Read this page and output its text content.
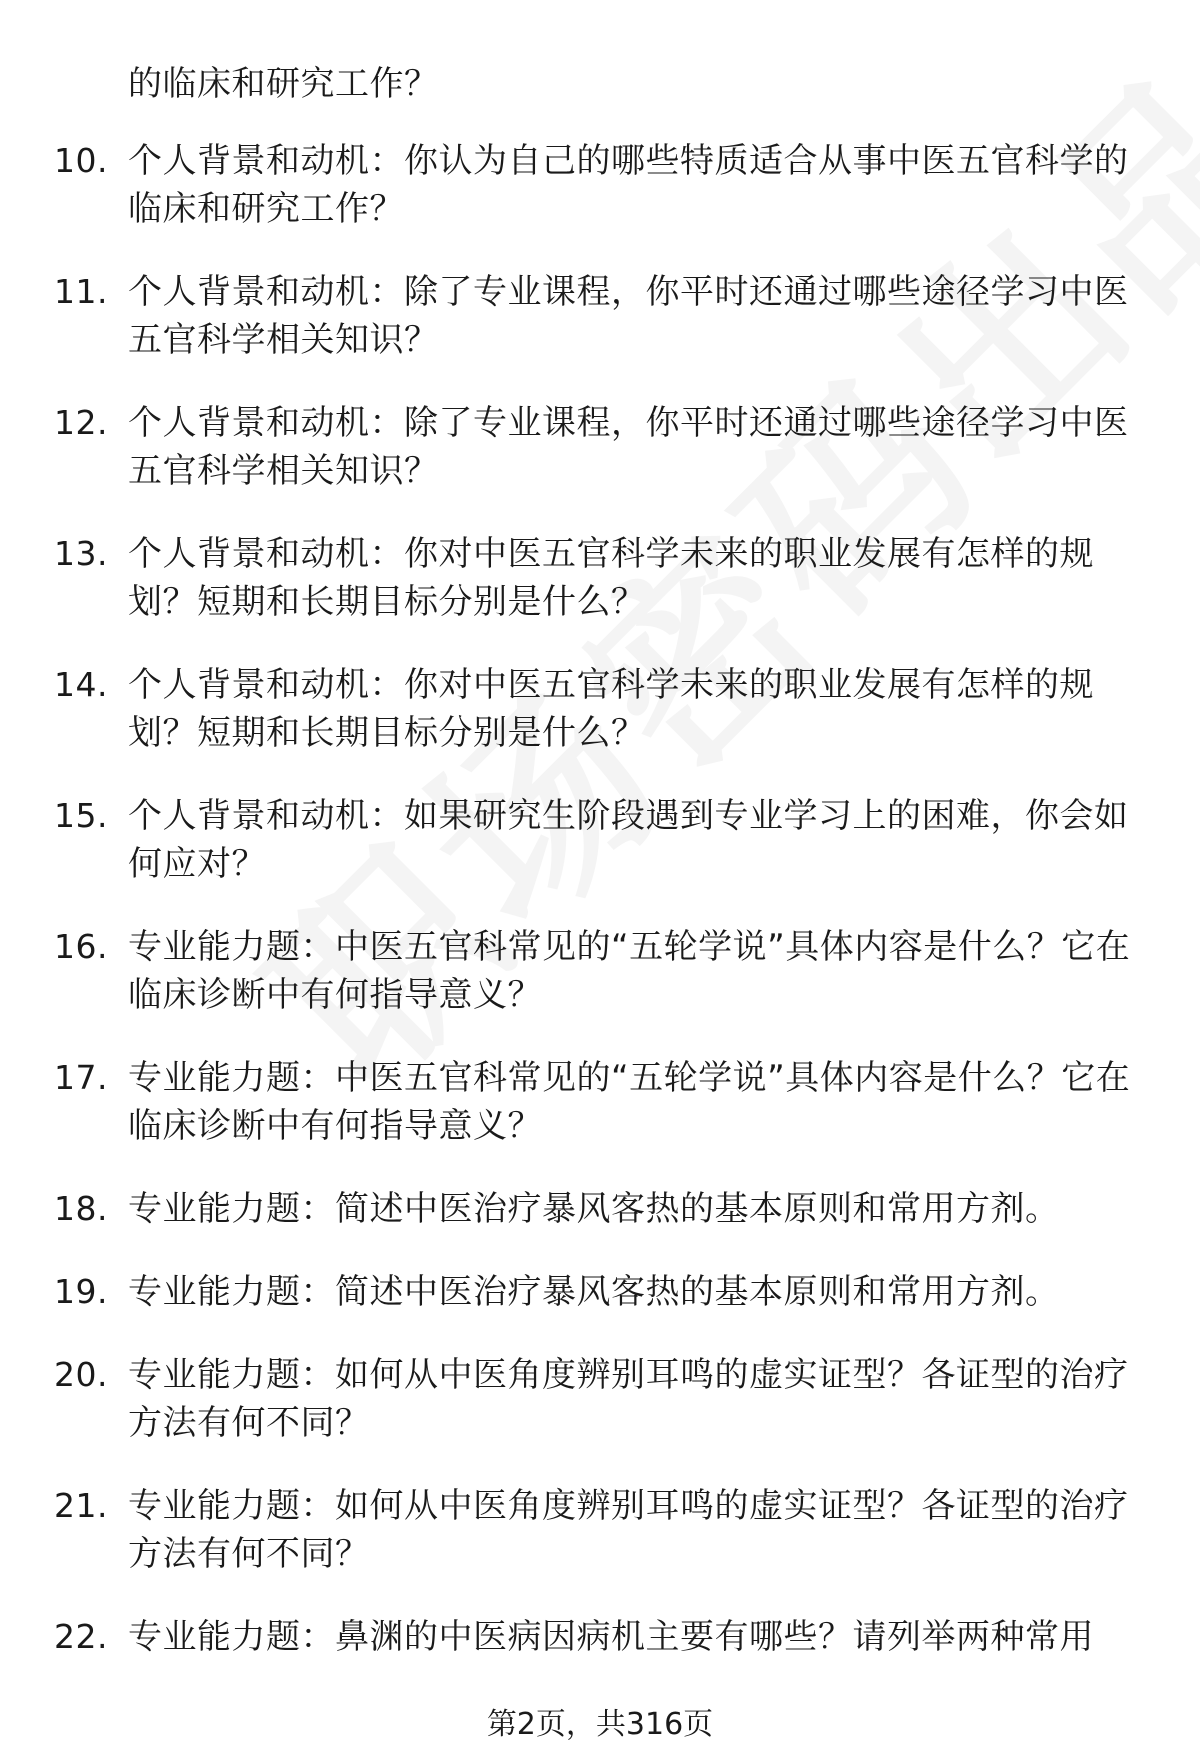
的临床和研究工作？
10. 个人背景和动机：你认为自己的哪些特质适合从事中医五官科学的临床和研究工作？
11. 个人背景和动机：除了专业课程，你平时还通过哪些途径学习中医五官科学相关知识？
12. 个人背景和动机：除了专业课程，你平时还通过哪些途径学习中医五官科学相关知识？
13. 个人背景和动机：你对中医五官科学未来的职业发展有怎样的规划？短期和长期目标分别是什么？
14. 个人背景和动机：你对中医五官科学未来的职业发展有怎样的规划？短期和长期目标分别是什么？
15. 个人背景和动机：如果研究生阶段遇到专业学习上的困难，你会如何应对？
16. 专业能力题：中医五官科常见的“五轮学说”具体内容是什么？它在临床诊断中有何指导意义？
17. 专业能力题：中医五官科常见的“五轮学说”具体内容是什么？它在临床诊断中有何指导意义？
18. 专业能力题：简述中医治疗暴风客热的基本原则和常用方剂。
19. 专业能力题：简述中医治疗暴风客热的基本原则和常用方剂。
20. 专业能力题：如何从中医角度辨别耳鸣的虚实证型？各证型的治疗方法有何不同？
21. 专业能力题：如何从中医角度辨别耳鸣的虚实证型？各证型的治疗方法有何不同？
22. 专业能力题：鼻渊的中医病因病机主要有哪些？请列举两种常用
第2页，共316页
